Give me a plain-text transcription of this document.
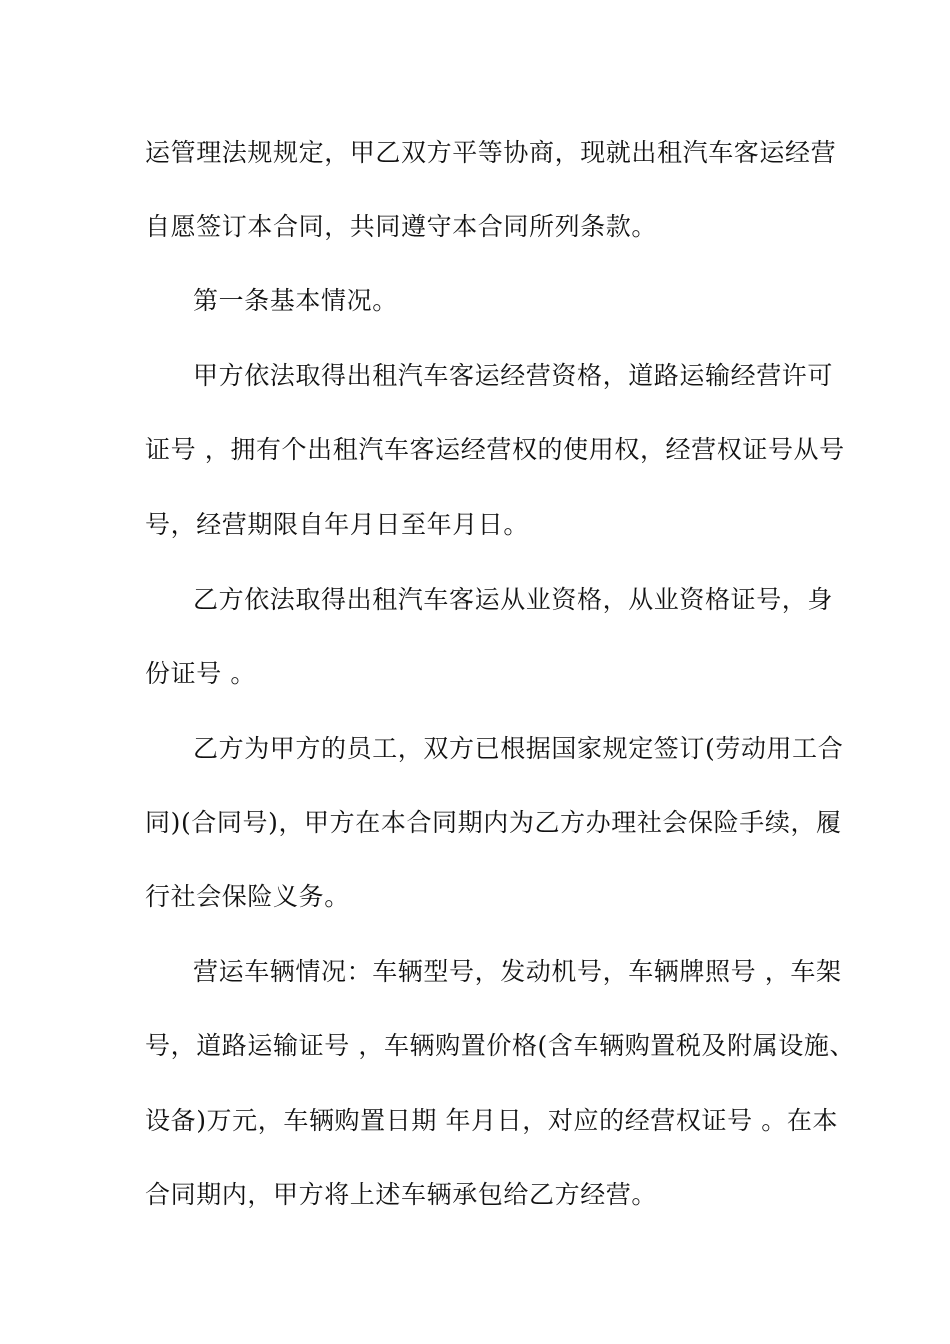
运管理法规规定，甲乙双方平等协商，现就出租汽车客运经营
自愿签订本合同，共同遵守本合同所列条款。
第一条基本情况。
甲方依法取得出租汽车客运经营资格，道路运输经营许可
证号 ，拥有个出租汽车客运经营权的使用权，经营权证号从号
号，经营期限自年月日至年月日。
乙方依法取得出租汽车客运从业资格，从业资格证号，身
份证号 。
乙方为甲方的员工，双方已根据国家规定签订(劳动用工合
同)(合同号)，甲方在本合同期内为乙方办理社会保险手续，履
行社会保险义务。
营运车辆情况：车辆型号，发动机号，车辆牌照号 ，车架
号，道路运输证号 ，车辆购置价格(含车辆购置税及附属设施、
设备)万元，车辆购置日期 年月日，对应的经营权证号 。在本
合同期内，甲方将上述车辆承包给乙方经营。
